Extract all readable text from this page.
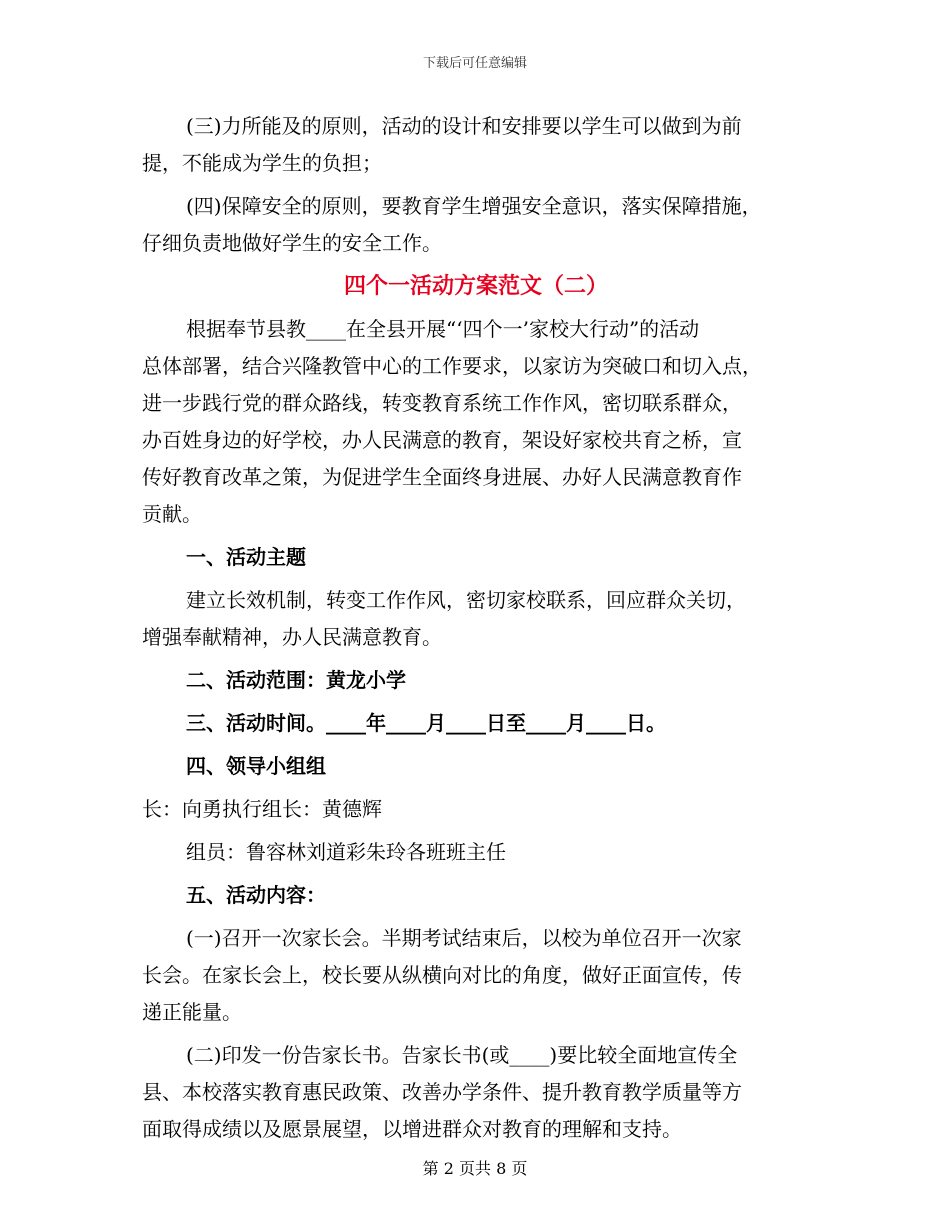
下载后可任意编辑
(三)力所能及的原则，活动的设计和安排要以学生可以做到为前
提，不能成为学生的负担；
(四)保障安全的原则，要教育学生增强安全意识，落实保障措施，
仔细负责地做好学生的安全工作。
四个一活动方案范文（二）
根据奉节县教____在全县开展“‘四个一’家校大行动”的活动
总体部署，结合兴隆教管中心的工作要求，以家访为突破口和切入点，
进一步践行党的群众路线，转变教育系统工作作风，密切联系群众，
办百姓身边的好学校，办人民满意的教育，架设好家校共育之桥，宣
传好教育改革之策，为促进学生全面终身进展、办好人民满意教育作
贡献。
一、活动主题
建立长效机制，转变工作作风，密切家校联系，回应群众关切，
增强奉献精神，办人民满意教育。
二、活动范围：黄龙小学
三、活动时间。____年____月____日至____月____日。
四、领导小组组
长：向勇执行组长：黄德辉
组员：鲁容林刘道彩朱玲各班班主任
五、活动内容：
(一)召开一次家长会。半期考试结束后，以校为单位召开一次家
长会。在家长会上，校长要从纵横向对比的角度，做好正面宣传，传
递正能量。
(二)印发一份告家长书。告家长书(或____)要比较全面地宣传全
县、本校落实教育惠民政策、改善办学条件、提升教育教学质量等方
面取得成绩以及愿景展望，以增进群众对教育的理解和支持。
第 2 页共 8 页
